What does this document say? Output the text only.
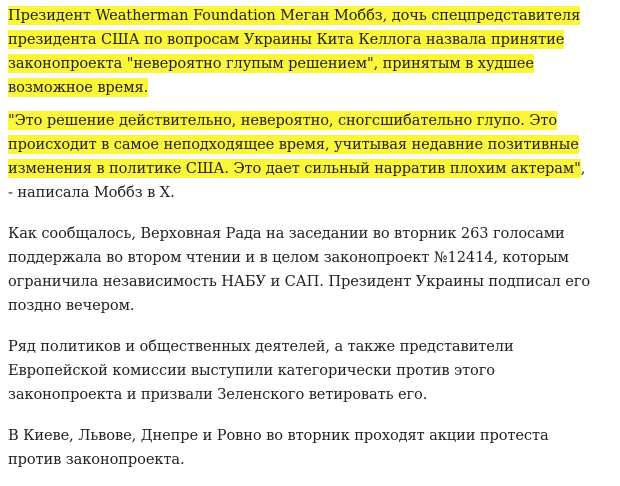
Президент Weatherman Foundation Меган Моббз, дочь спецпредставителя президента США по вопросам Украины Кита Келлога назвала принятие законопроекта "невероятно глупым решением", принятым в худшее возможное время.

"Это решение действительно, невероятно, сногсшибательно глупо. Это происходит в самое неподходящее время, учитывая недавние позитивные изменения в политике США. Это дает сильный нарратив плохим актерам", - написала Моббз в X.

Как сообщалось, Верховная Рада на заседании во вторник 263 голосами поддержала во втором чтении и в целом законопроект №12414, которым ограничила независимость НАБУ и САП. Президент Украины подписал его поздно вечером.

Ряд политиков и общественных деятелей, а также представители Европейской комиссии выступили категорически против этого законопроекта и призвали Зеленского ветировать его.

В Киеве, Львове, Днепре и Ровно во вторник проходят акции протеста против законопроекта.
